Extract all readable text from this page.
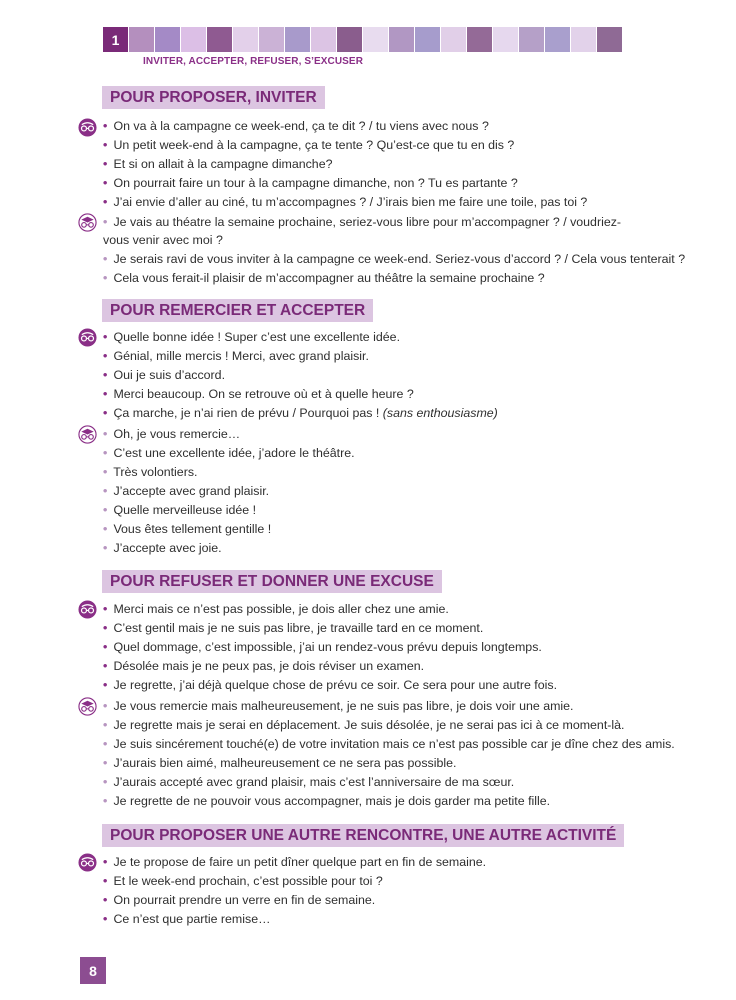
1
INVITER, ACCEPTER, REFUSER, S’EXCUSER
POUR PROPOSER, INVITER
• On va à la campagne ce week-end, ça te dit ? / tu viens avec nous ?
• Un petit week-end à la campagne, ça te tente ? Qu’est-ce que tu en dis ?
• Et si on allait à la campagne dimanche?
• On pourrait faire un tour à la campagne dimanche, non ? Tu es partante ?
• J’ai envie d’aller au ciné, tu m’accompagnes ? / J’irais bien me faire une toile, pas toi ?
• Je vais au théatre la semaine prochaine, seriez-vous libre pour m’accompagner ? / voudriez-vous venir avec moi ?
• Je serais ravi de vous inviter à la campagne ce week-end. Seriez-vous d’accord ? / Cela vous tenterait ?
• Cela vous ferait-il plaisir de m’accompagner au théâtre la semaine prochaine ?
POUR REMERCIER ET ACCEPTER
• Quelle bonne idée ! Super c’est une excellente idée.
• Génial, mille mercis ! Merci, avec grand plaisir.
• Oui je suis d’accord.
• Merci beaucoup. On se retrouve où et à quelle heure ?
• Ça marche, je n’ai rien de prévu / Pourquoi pas ! (sans enthousiasme)
• Oh, je vous remercie…
• C’est une excellente idée, j’adore le théâtre.
• Très volontiers.
• J’accepte avec grand plaisir.
• Quelle merveilleuse idée !
• Vous êtes tellement gentille !
• J’accepte avec joie.
POUR REFUSER ET DONNER UNE EXCUSE
• Merci mais ce n’est pas possible, je dois aller chez une amie.
• C’est gentil mais je ne suis pas libre, je travaille tard en ce moment.
• Quel dommage, c’est impossible, j’ai un rendez-vous prévu depuis longtemps.
• Désolée mais je ne peux pas, je dois réviser un examen.
• Je regrette, j’ai déjà quelque chose de prévu ce soir. Ce sera pour une autre fois.
• Je vous remercie mais malheureusement, je ne suis pas libre, je dois voir une amie.
• Je regrette mais je serai en déplacement. Je suis désolée, je ne serai pas ici à ce moment-là.
• Je suis sincérement touché(e) de votre invitation mais ce n’est pas possible car je dîne chez des amis.
• J’aurais bien aimé, malheureusement ce ne sera pas possible.
• J’aurais accepté avec grand plaisir, mais c’est l’anniversaire de ma sœur.
• Je regrette de ne pouvoir vous accompagner, mais je dois garder ma petite fille.
POUR PROPOSER UNE AUTRE RENCONTRE, UNE AUTRE ACTIVITÉ
• Je te propose de faire un petit dîner quelque part en fin de semaine.
• Et le week-end prochain, c’est possible pour toi ?
• On pourrait prendre un verre en fin de semaine.
• Ce n’est que partie remise…
8
